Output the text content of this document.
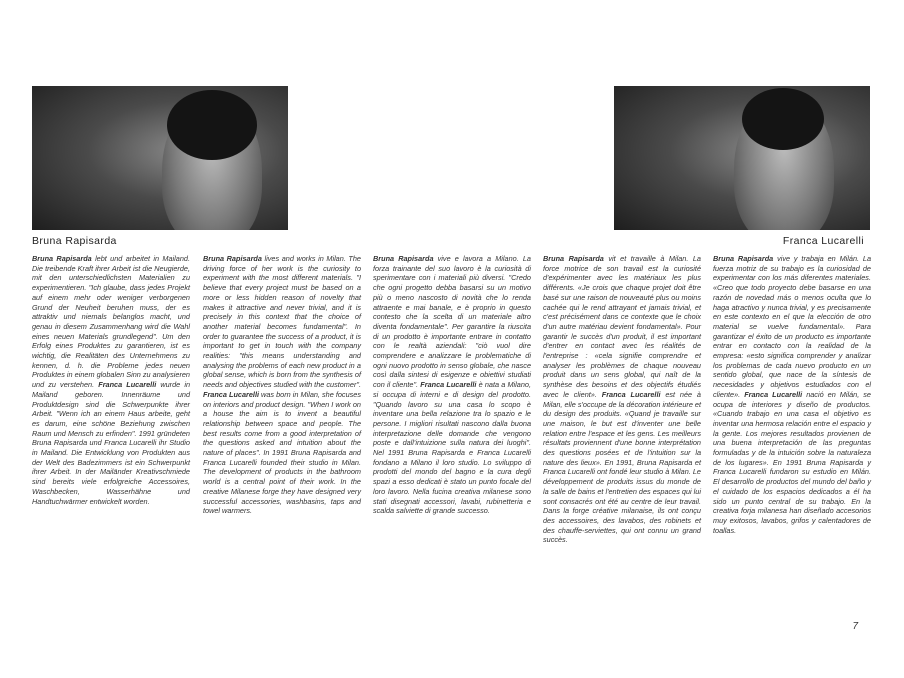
Bruna Rapisarda	Franca Lucarelli

Bruna Rapisarda lebt und arbeitet in Mailand. Die treibende Kraft ihrer Arbeit ist die Neugierde, mit den unterschiedlichsten Materialien zu experimentieren. "Ich glaube, dass jedes Projekt auf einem mehr oder weniger verborgenen Grund der Neuheit beruhen muss, der es attraktiv und niemals belanglos macht, und genau in diesem Zusammenhang wird die Wahl eines neuen Materials grundlegend". Um den Erfolg eines Produktes zu garantieren, ist es wichtig, die Realitäten des Unternehmens zu kennen, d. h. die Probleme jedes neuen Produktes in einem globalen Sinn zu analysieren und zu verstehen. Franca Lucarelli wurde in Mailand geboren. Innenräume und Produktdesign sind die Schwerpunkte ihrer Arbeit. "Wenn ich an einem Haus arbeite, geht es darum, eine schöne Beziehung zwischen Raum und Mensch zu erfinden". 1991 gründeten Bruna Rapisarda und Franca Lucarelli ihr Studio in Mailand. Die Entwicklung von Produkten aus der Welt des Badezimmers ist ein Schwerpunkt ihrer Arbeit. In der Mailänder Kreativschmiede sind bereits viele erfolgreiche Accessoires, Waschbecken, Wasserhähne und Handtuchwärmer entwickelt worden.

Bruna Rapisarda lives and works in Milan. The driving force of her work is the curiosity to experiment with the most different materials. "I believe that every project must be based on a more or less hidden reason of novelty that makes it attractive and never trivial, and it is precisely in this context that the choice of another material becomes fundamental". In order to guarantee the success of a product, it is important to get in touch with the company realities: "this means understanding and analysing the problems of each new product in a global sense, which is born from the synthesis of needs and objectives studied with the customer". Franca Lucarelli was born in Milan, she focuses on interiors and product design. "When I work on a house the aim is to invent a beautiful relationship between space and people. The best results come from a good interpretation of the questions asked and intuition about the nature of places". In 1991 Bruna Rapisarda and Franca Lucarelli founded their studio in Milan. The development of products in the bathroom world is a central point of their work. In the creative Milanese forge they have designed very successful accessories, washbasins, taps and towel warmers.

Bruna Rapisarda vive e lavora a Milano. La forza trainante del suo lavoro è la curiosità di sperimentare con i materiali più diversi. "Credo che ogni progetto debba basarsi su un motivo più o meno nascosto di novità che lo renda attraente e mai banale, e è proprio in questo contesto che la scelta di un materiale altro diventa fondamentale". Per garantire la riuscita di un prodotto è importante entrare in contatto con le realtà aziendali: "ciò vuol dire comprendere e analizzare le problematiche di ogni nuovo prodotto in senso globale, che nasce così dalla sintesi di esigenze e obiettivi studiati con il cliente". Franca Lucarelli è nata a Milano, si occupa di interni e di design del prodotto. "Quando lavoro su una casa lo scopo è inventare una bella relazione tra lo spazio e le persone. I migliori risultati nascono dalla buona interpretazione delle domande che vengono poste e dall'intuizione sulla natura dei luoghi". Nel 1991 Bruna Rapisarda e Franca Lucarelli fondano a Milano il loro studio. Lo sviluppo di prodotti del mondo del bagno e la cura degli spazi a esso dedicati è stato un punto focale del loro lavoro. Nella fucina creativa milanese sono stati disegnati accessori, lavabi, rubinetteria e scalda salviette di grande successo.

Bruna Rapisarda vit et travaille à Milan. La force motrice de son travail est la curiosité d'expérimenter avec les matériaux les plus différents. «Je crois que chaque projet doit être basé sur une raison de nouveauté plus ou moins cachée qui le rend attrayant et jamais trivial, et c'est précisément dans ce contexte que le choix d'un autre matériau devient fondamental». Pour garantir le succès d'un produit, il est important d'entrer en contact avec les réalités de l'entreprise : «cela signifie comprendre et analyser les problèmes de chaque nouveau produit dans un sens global, qui naît de la synthèse des besoins et des objectifs étudiés avec le client». Franca Lucarelli est née à Milan, elle s'occupe de la décoration intérieure et du design des produits. «Quand je travaille sur une maison, le but est d'inventer une belle relation entre l'espace et les gens. Les meilleurs résultats proviennent d'une bonne interprétation des questions posées et de l'intuition sur la nature des lieux». En 1991, Bruna Rapisarda et Franca Lucarelli ont fondé leur studio à Milan. Le développement de produits issus du monde de la salle de bains et l'entretien des espaces qui lui sont consacrés ont été au centre de leur travail. Dans la forge créative milanaise, ils ont conçu des accessoires, des lavabos, des robinets et des chauffe-serviettes, qui ont connu un grand succès.

Bruna Rapisarda vive y trabaja en Milán. La fuerza motriz de su trabajo es la curiosidad de experimentar con los más diferentes materiales. «Creo que todo proyecto debe basarse en una razón de novedad más o menos oculta que lo haga atractivo y nunca trivial, y es precisamente en este contexto en el que la elección de otro material se vuelve fundamental». Para garantizar el éxito de un producto es importante entrar en contacto con la realidad de la empresa: «esto significa comprender y analizar los problemas de cada nuevo producto en un sentido global, que nace de la síntesis de necesidades y objetivos estudiados con el cliente». Franca Lucarelli nació en Milán, se ocupa de interiores y diseño de productos. «Cuando trabajo en una casa el objetivo es inventar una hermosa relación entre el espacio y la gente. Los mejores resultados provienen de una buena interpretación de las preguntas formuladas y de la intuición sobre la naturaleza de los lugares». En 1991 Bruna Rapisarda y Franca Lucarelli fundaron su estudio en Milán. El desarrollo de productos del mundo del baño y el cuidado de los espacios dedicados a él ha sido un punto central de su trabajo. En la creativa forja milanesa han diseñado accesorios muy exitosos, lavabos, grifos y calentadores de toallas.

7
